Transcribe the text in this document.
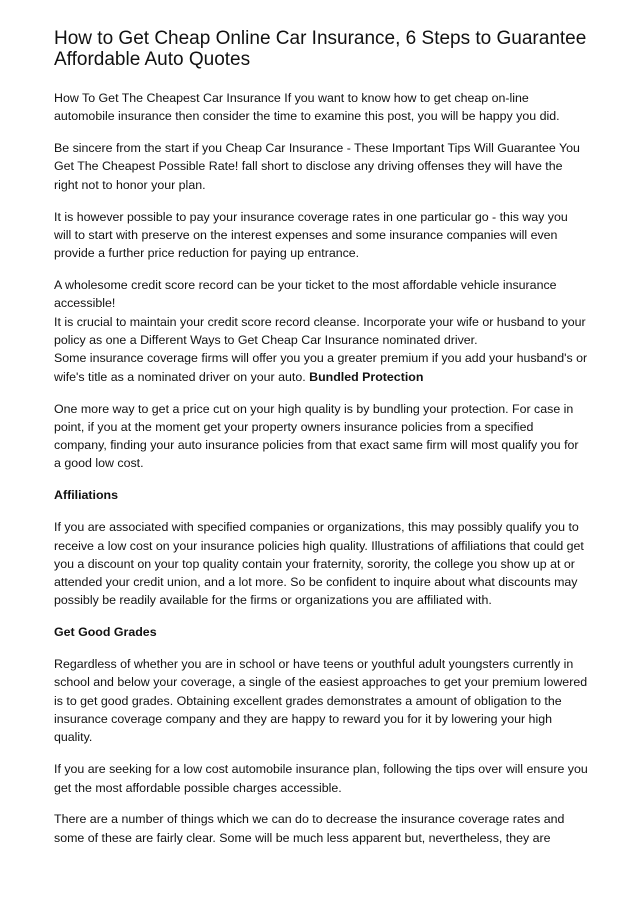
How to Get Cheap Online Car Insurance, 6 Steps to Guarantee Affordable Auto Quotes

How To Get The Cheapest Car Insurance If you want to know how to get cheap on-line automobile insurance then consider the time to examine this post, you will be happy you did.

Be sincere from the start if you Cheap Car Insurance - These Important Tips Will Guarantee You Get The Cheapest Possible Rate! fall short to disclose any driving offenses they will have the right not to honor your plan.

It is however possible to pay your insurance coverage rates in one particular go - this way you will to start with preserve on the interest expenses and some insurance companies will even provide a further price reduction for paying up entrance.

A wholesome credit score record can be your ticket to the most affordable vehicle insurance accessible!
It is crucial to maintain your credit score record cleanse. Incorporate your wife or husband to your policy as one a Different Ways to Get Cheap Car Insurance nominated driver.
Some insurance coverage firms will offer you you a greater premium if you add your husband's or wife's title as a nominated driver on your auto. Bundled Protection

One more way to get a price cut on your high quality is by bundling your protection. For case in point, if you at the moment get your property owners insurance policies from a specified company, finding your auto insurance policies from that exact same firm will most qualify you for a good low cost.

Affiliations

If you are associated with specified companies or organizations, this may possibly qualify you to receive a low cost on your insurance policies high quality. Illustrations of affiliations that could get you a discount on your top quality contain your fraternity, sorority, the college you show up at or attended your credit union, and a lot more. So be confident to inquire about what discounts may possibly be readily available for the firms or organizations you are affiliated with.

Get Good Grades

Regardless of whether you are in school or have teens or youthful adult youngsters currently in school and below your coverage, a single of the easiest approaches to get your premium lowered is to get good grades. Obtaining excellent grades demonstrates a amount of obligation to the insurance coverage company and they are happy to reward you for it by lowering your high quality.

If you are seeking for a low cost automobile insurance plan, following the tips over will ensure you get the most affordable possible charges accessible.

There are a number of things which we can do to decrease the insurance coverage rates and some of these are fairly clear. Some will be much less apparent but, nevertheless, they are
